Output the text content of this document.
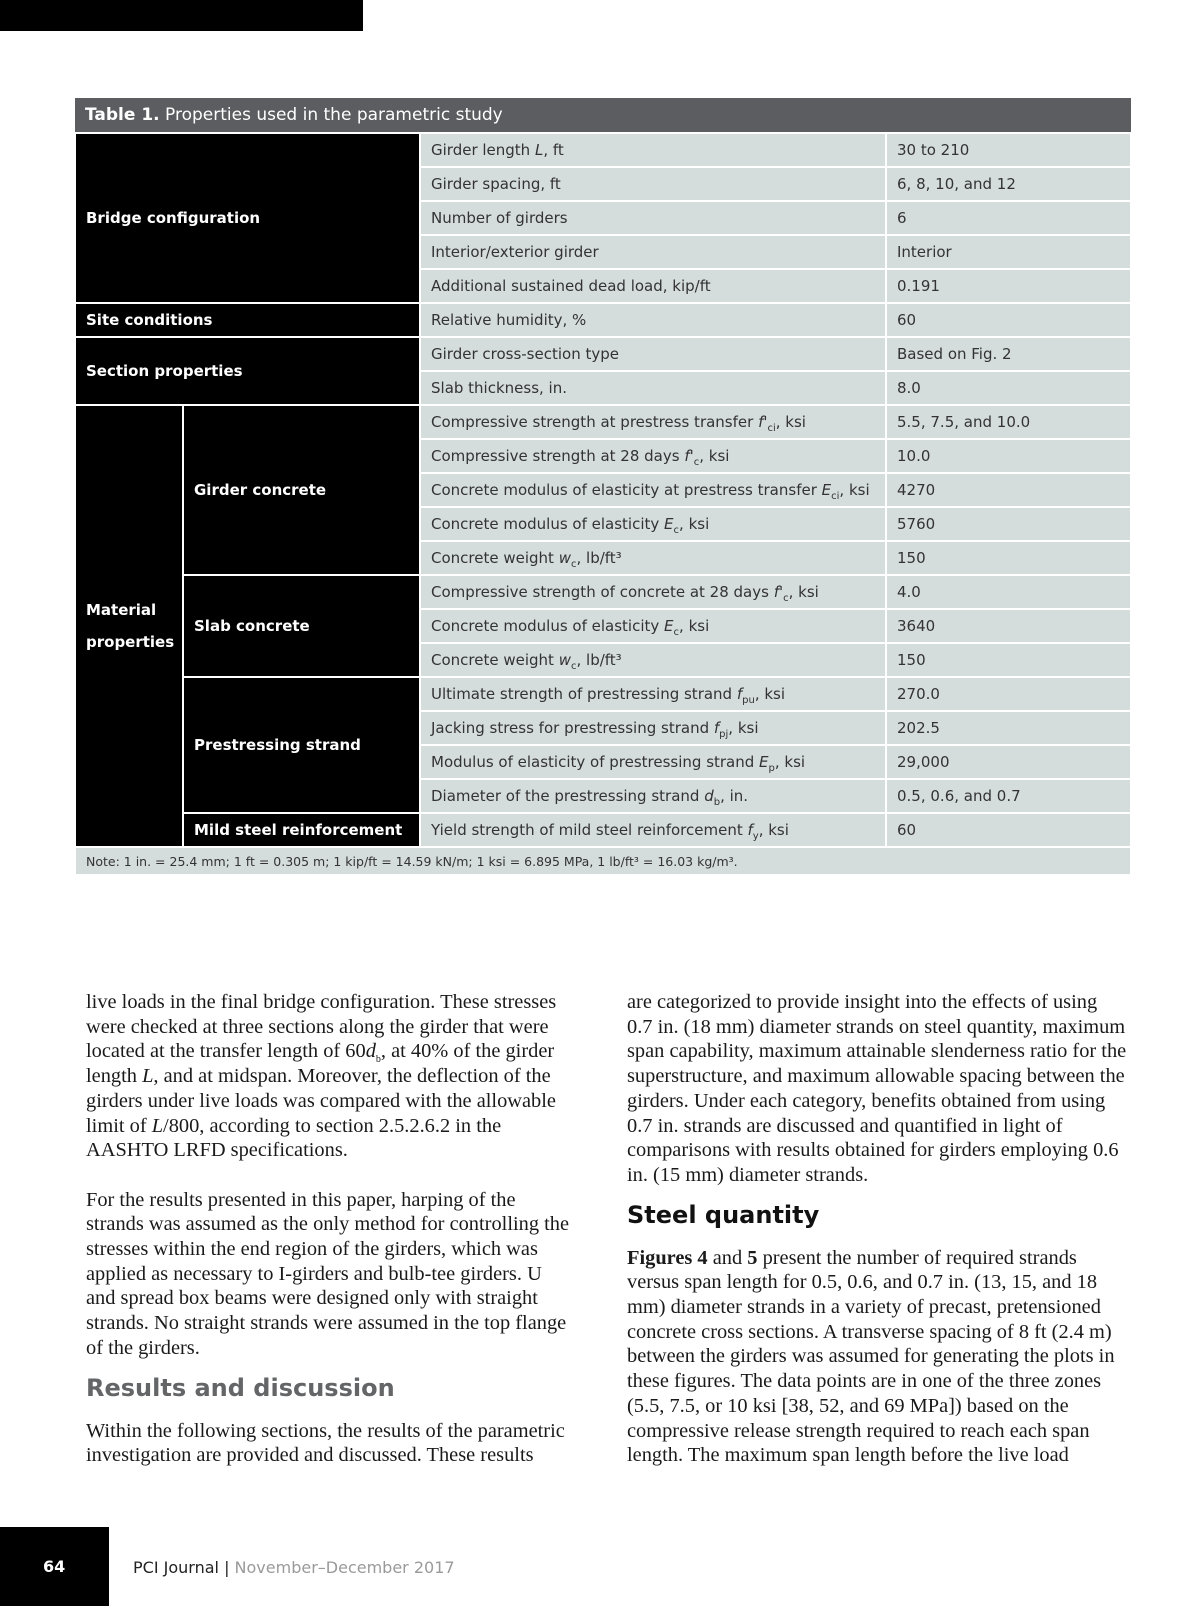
Table 1. Properties used in the parametric study			
Bridge configuration		Girder length L, ft	30 to 210
		Girder spacing, ft	6, 8, 10, and 12
		Number of girders	6
		Interior/exterior girder	Interior
		Additional sustained dead load, kip/ft	0.191
Site conditions		Relative humidity, %	60
Section properties		Girder cross-section type	Based on Fig. 2
		Slab thickness, in.	8.0
Material properties	Girder concrete	Compressive strength at prestress transfer $f'_{ci}$, ksi	5.5, 7.5, and 10.0
		Compressive strength at 28 days $f'_c$, ksi	10.0
		Concrete modulus of elasticity at prestress transfer $E_{ci}$, ksi	4270
		Concrete modulus of elasticity $E_c$, ksi	5760
		Concrete weight $w_c$, lb/ft³	150
	Slab concrete	Compressive strength of concrete at 28 days $f'_c$, ksi	4.0
		Concrete modulus of elasticity $E_c$, ksi	3640
		Concrete weight $w_c$, lb/ft³	150
	Prestressing strand	Ultimate strength of prestressing strand $f_{pu}$, ksi	270.0
		Jacking stress for prestressing strand $f_{pj}$, ksi	202.5
		Modulus of elasticity of prestressing strand $E_p$, ksi	29,000
		Diameter of the prestressing strand $d_b$, in.	0.5, 0.6, and 0.7
	Mild steel reinforcement	Yield strength of mild steel reinforcement $f_y$, ksi	60
Note: 1 in. = 25.4 mm; 1 ft = 0.305 m; 1 kip/ft = 14.59 kN/m; 1 ksi = 6.895 MPa, 1 lb/ft³ = 16.03 kg/m³.			

live loads in the final bridge configuration. These stresses were checked at three sections along the girder that were located at the transfer length of $60d_b$, at 40% of the girder length L, and at midspan. Moreover, the deflection of the girders under live loads was compared with the allowable limit of L/800, according to section 2.5.2.6.2 in the AASHTO LRFD specifications.

For the results presented in this paper, harping of the strands was assumed as the only method for controlling the stresses within the end region of the girders, which was applied as necessary to I-girders and bulb-tee girders. U and spread box beams were designed only with straight strands. No straight strands were assumed in the top flange of the girders.

Results and discussion

Within the following sections, the results of the parametric investigation are provided and discussed. These results

are categorized to provide insight into the effects of using 0.7 in. (18 mm) diameter strands on steel quantity, maximum span capability, maximum attainable slenderness ratio for the superstructure, and maximum allowable spacing between the girders. Under each category, benefits obtained from using 0.7 in. strands are discussed and quantified in light of comparisons with results obtained for girders employing 0.6 in. (15 mm) diameter strands.

Steel quantity

Figures 4 and 5 present the number of required strands versus span length for 0.5, 0.6, and 0.7 in. (13, 15, and 18 mm) diameter strands in a variety of precast, pretensioned concrete cross sections. A transverse spacing of 8 ft (2.4 m) between the girders was assumed for generating the plots in these figures. The data points are in one of the three zones (5.5, 7.5, or 10 ksi [38, 52, and 69 MPa]) based on the compressive release strength required to reach each span length. The maximum span length before the live load

64	PCI Journal | November–December 2017
